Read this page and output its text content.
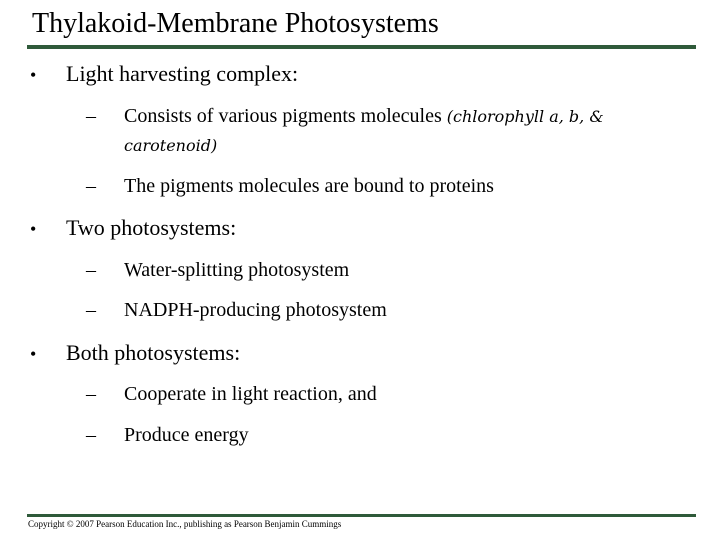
Thylakoid-Membrane Photosystems
• Light harvesting complex:
– Consists of various pigments molecules (chlorophyll a, b, &
carotenoid)
– The pigments molecules are bound to proteins
• Two photosystems:
– Water-splitting photosystem
– NADPH-producing photosystem
• Both photosystems:
– Cooperate in light reaction, and
– Produce energy
Copyright © 2007 Pearson Education Inc., publishing as Pearson Benjamin Cummings
